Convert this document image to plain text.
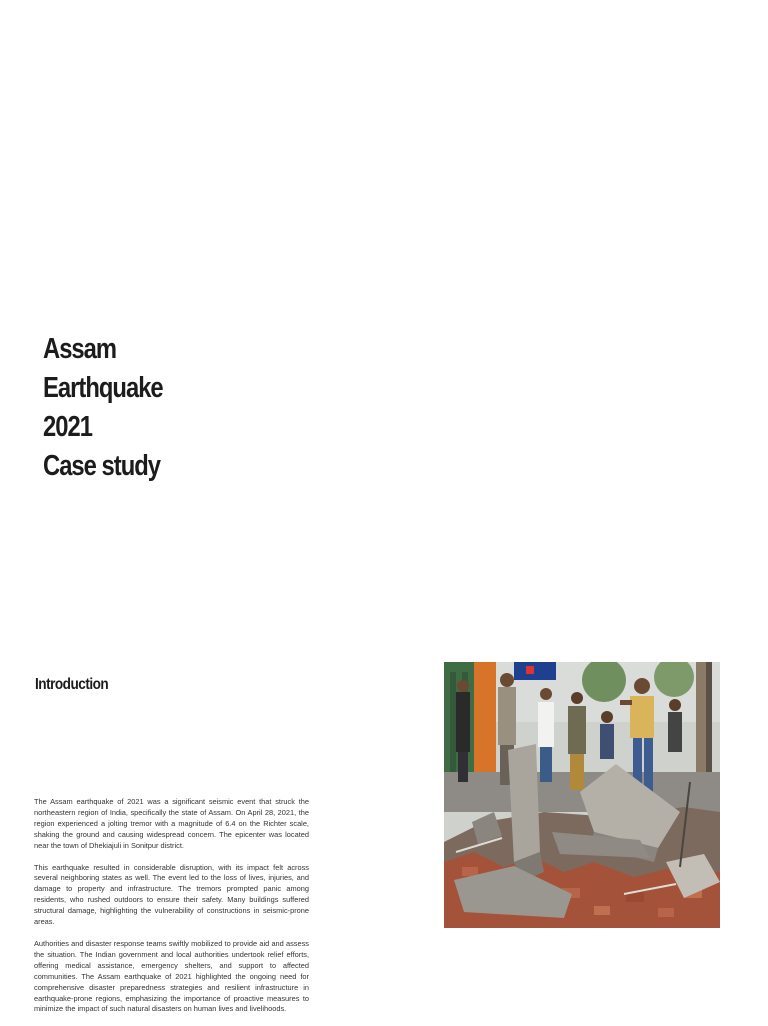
Assam
Earthquake
2021
Case study
Introduction

The Assam earthquake of 2021 was a significant seismic event that struck the northeastern region of India, specifically the state of Assam. On April 28, 2021, the region experienced a jolting tremor with a magnitude of 6.4 on the Richter scale, shaking the ground and causing widespread concern. The epicenter was located near the town of Dhekiajuli in Sonitpur district.

This earthquake resulted in considerable disruption, with its impact felt across several neighboring states as well. The event led to the loss of lives, injuries, and damage to property and infrastructure. The tremors prompted panic among residents, who rushed outdoors to ensure their safety. Many buildings suffered structural damage, highlighting the vulnerability of constructions in seismic-prone areas.

Authorities and disaster response teams swiftly mobilized to provide aid and assess the situation. The Indian government and local authorities undertook relief efforts, offering medical assistance, emergency shelters, and support to affected communities. The Assam earthquake of 2021 highlighted the ongoing need for comprehensive disaster preparedness strategies and resilient infrastructure in earthquake-prone regions, emphasizing the importance of proactive measures to minimize the impact of such natural disasters on human lives and livelihoods.
